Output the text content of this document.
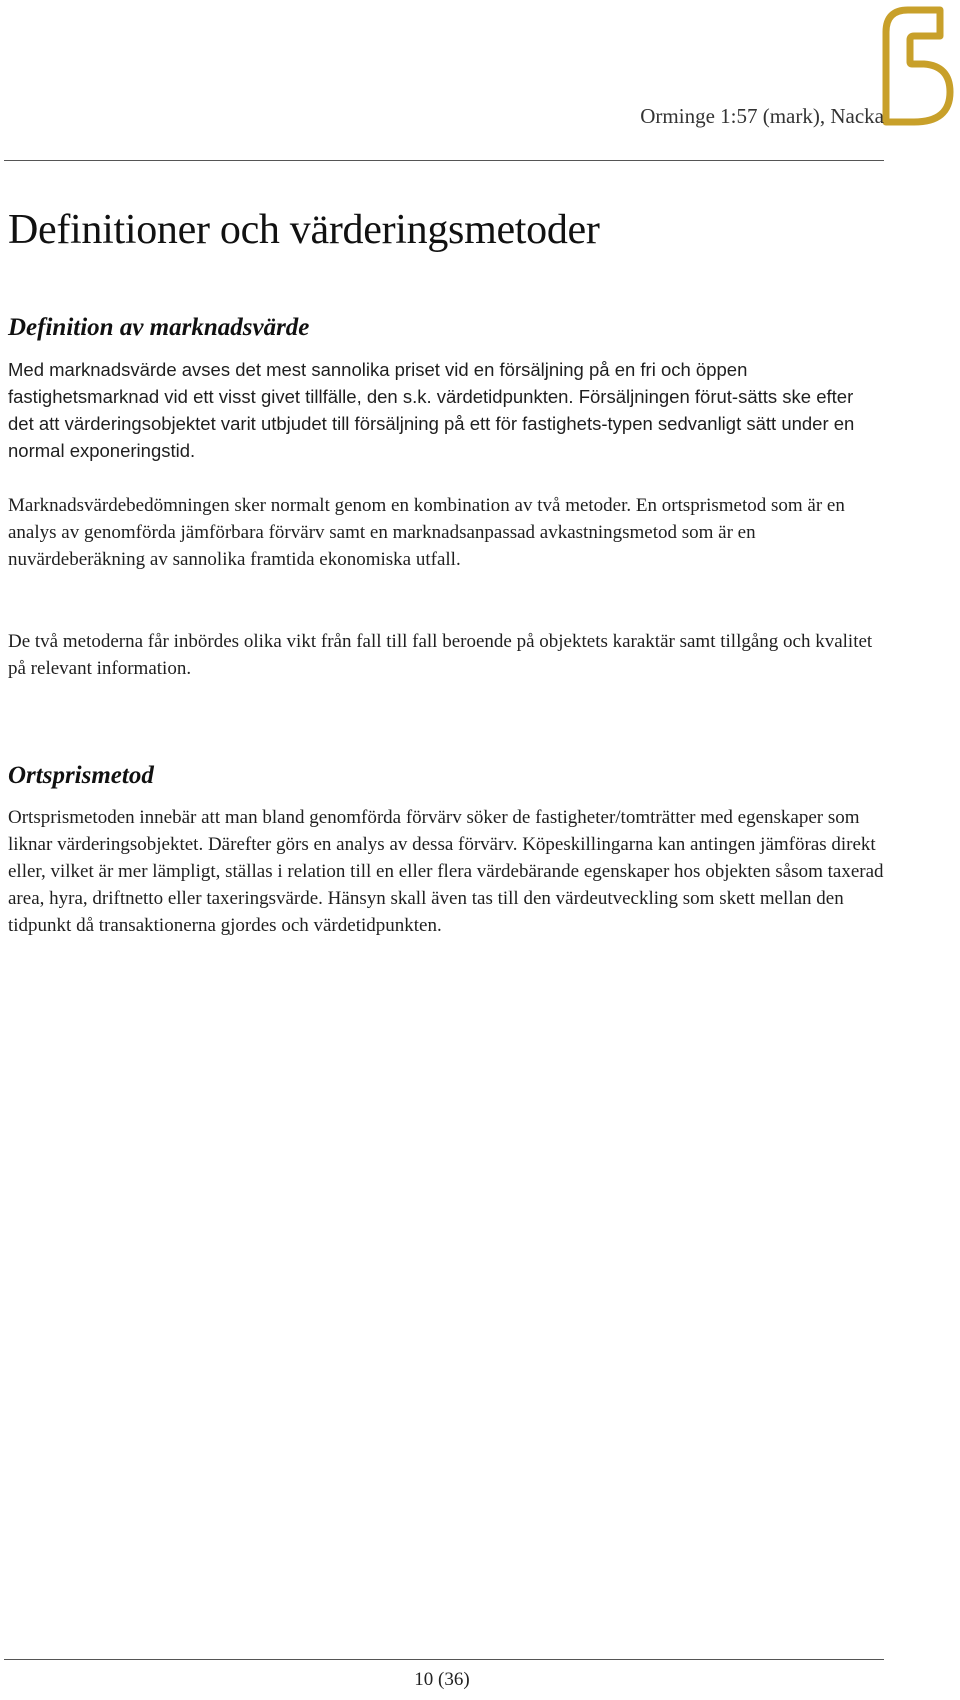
Orminge 1:57 (mark), Nacka
Definitioner och värderingsmetoder
Definition av marknadsvärde

Med marknadsvärde avses det mest sannolika priset vid en försäljning på en fri och öppen fastighetsmarknad vid ett visst givet tillfälle, den s.k. värdetidpunkten. Försäljningen förut-sätts ske efter det att värderingsobjektet varit utbjudet till försäljning på ett för fastighets-typen sedvanligt sätt under en normal exponeringstid.

Marknadsvärdebedömningen sker normalt genom en kombination av två metoder. En ortsprismetod som är en analys av genomförda jämförbara förvärv samt en marknadsanpassad avkastningsmetod som är en nuvärdeberäkning av sannolika framtida ekonomiska utfall.

De två metoderna får inbördes olika vikt från fall till fall beroende på objektets karaktär samt tillgång och kvalitet på relevant information.

Ortsprismetod

Ortsprismetoden innebär att man bland genomförda förvärv söker de fastigheter/tomträtter med egenskaper som liknar värderingsobjektet. Därefter görs en analys av dessa förvärv. Köpeskillingarna kan antingen jämföras direkt eller, vilket är mer lämpligt, ställas i relation till en eller flera värdebärande egenskaper hos objekten såsom taxerad area, hyra, driftnetto eller taxeringsvärde. Hänsyn skall även tas till den värdeutveckling som skett mellan den tidpunkt då transaktionerna gjordes och värdetidpunkten.

10 (36)
